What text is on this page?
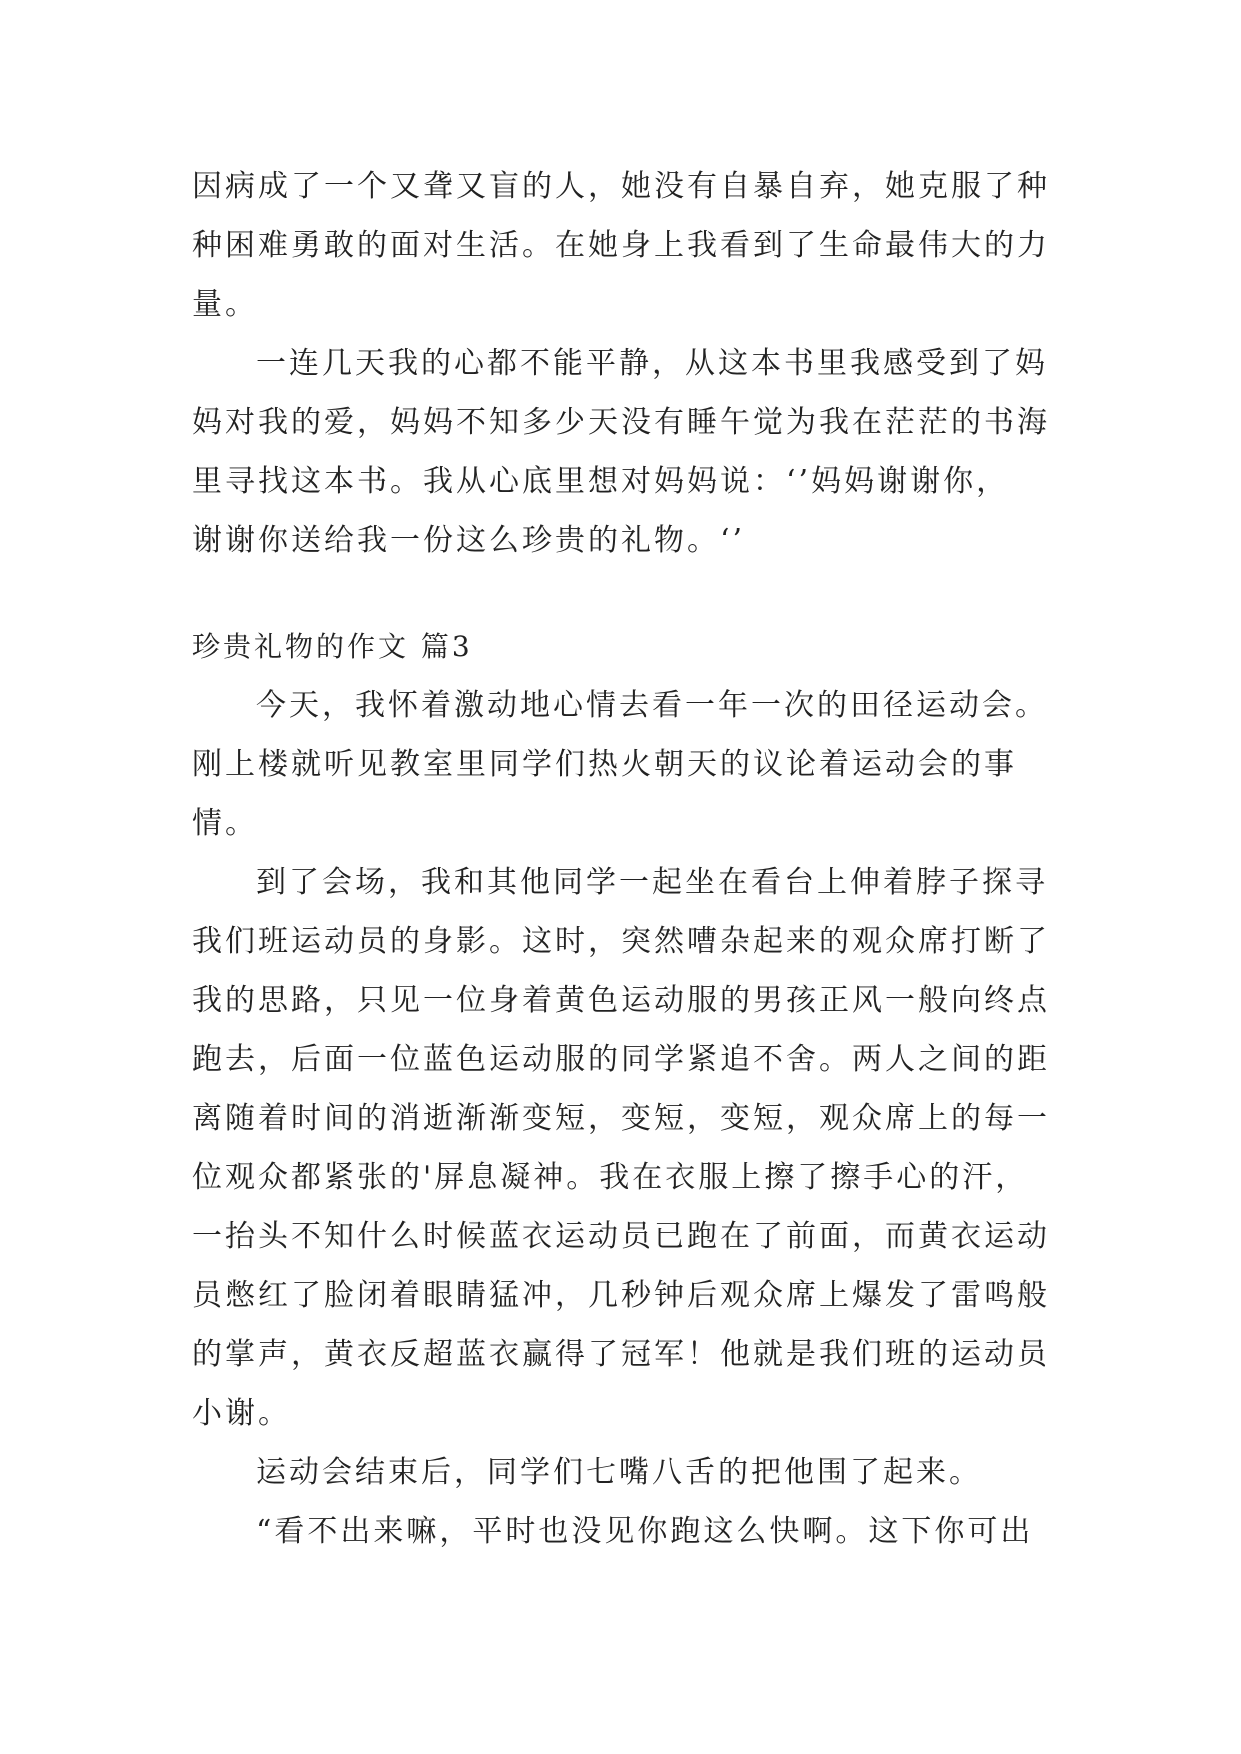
因病成了一个又聋又盲的人，她没有自暴自弃，她克服了种
种困难勇敢的面对生活。在她身上我看到了生命最伟大的力
量。
一连几天我的心都不能平静，从这本书里我感受到了妈
妈对我的爱，妈妈不知多少天没有睡午觉为我在茫茫的书海
里寻找这本书。我从心底里想对妈妈说：‘’妈妈谢谢你，
谢谢你送给我一份这么珍贵的礼物。‘’
珍贵礼物的作文 篇3
今天，我怀着激动地心情去看一年一次的田径运动会。
刚上楼就听见教室里同学们热火朝天的议论着运动会的事
情。
到了会场，我和其他同学一起坐在看台上伸着脖子探寻
我们班运动员的身影。这时，突然嘈杂起来的观众席打断了
我的思路，只见一位身着黄色运动服的男孩正风一般向终点
跑去，后面一位蓝色运动服的同学紧追不舍。两人之间的距
离随着时间的消逝渐渐变短，变短，变短，观众席上的每一
位观众都紧张的'屏息凝神。我在衣服上擦了擦手心的汗，
一抬头不知什么时候蓝衣运动员已跑在了前面，而黄衣运动
员憋红了脸闭着眼睛猛冲，几秒钟后观众席上爆发了雷鸣般
的掌声，黄衣反超蓝衣赢得了冠军！他就是我们班的运动员
小谢。
运动会结束后，同学们七嘴八舌的把他围了起来。
“看不出来嘛，平时也没见你跑这么快啊。这下你可出
